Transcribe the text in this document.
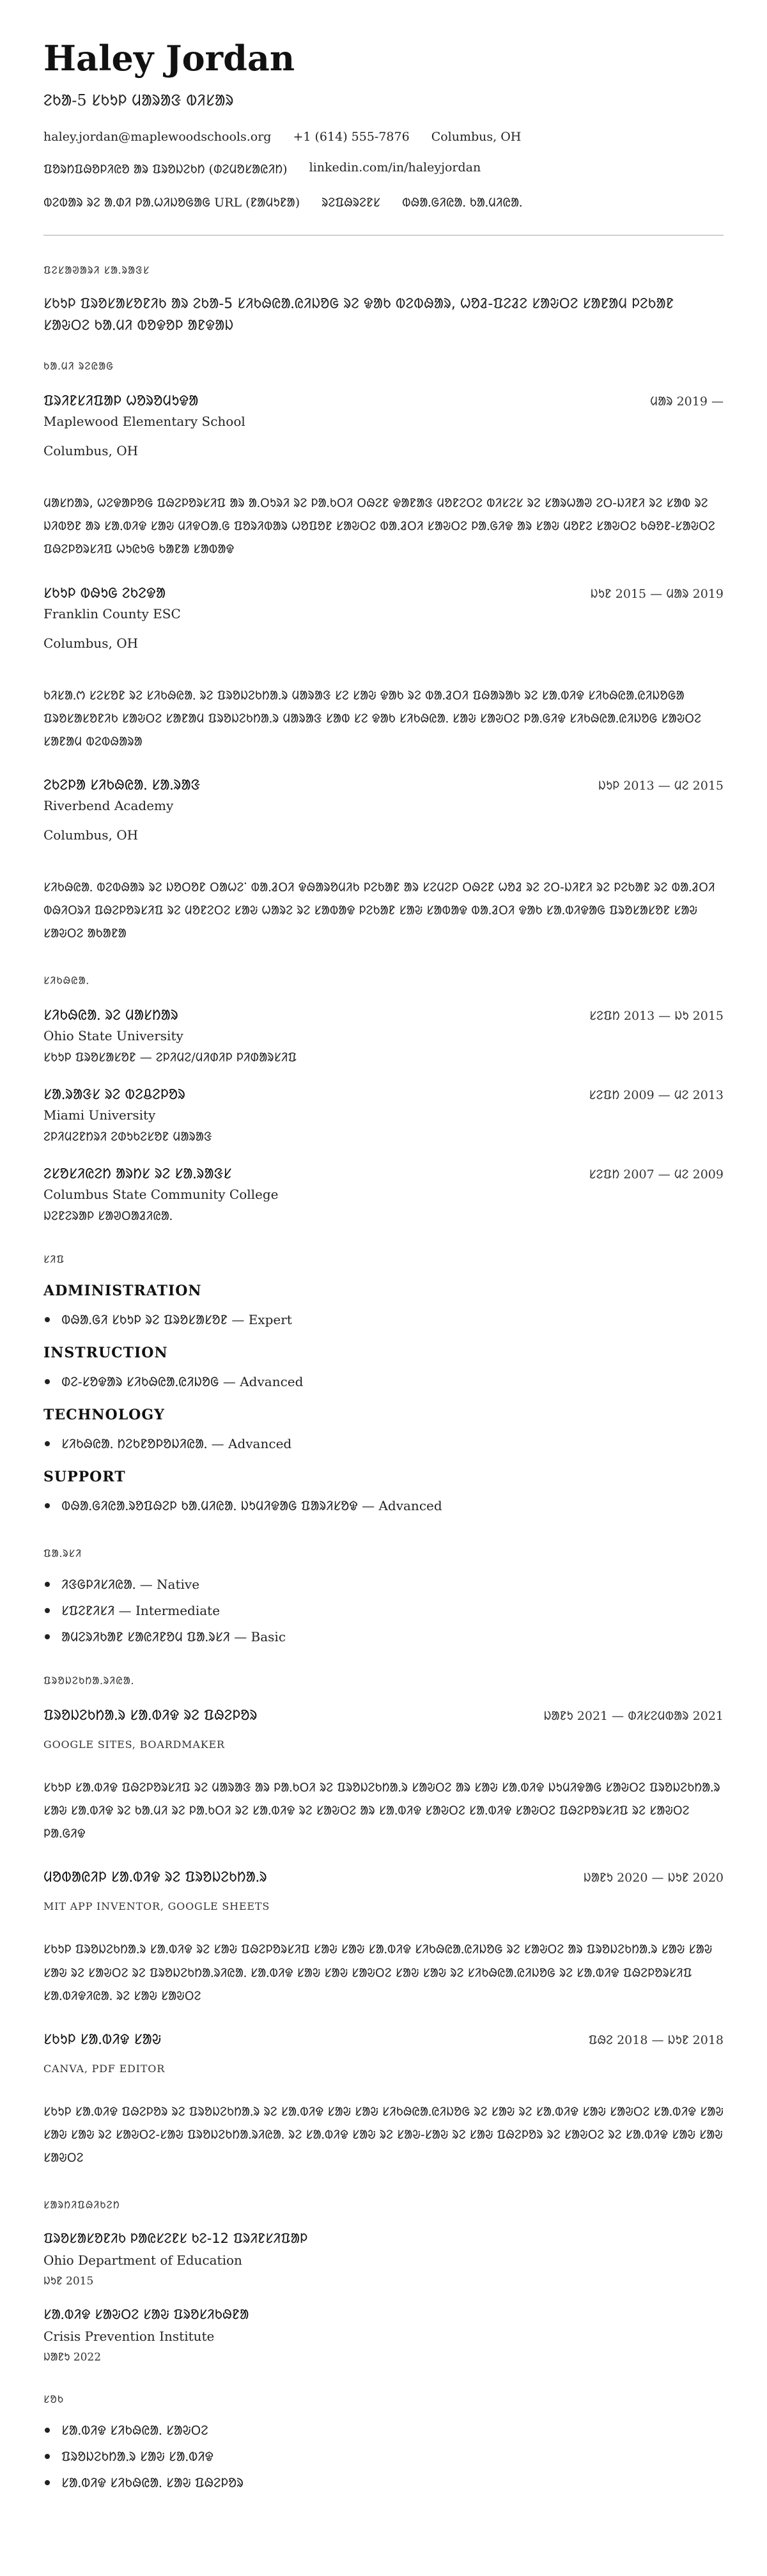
Haley Jordan
ᱮᱠᱟ-5 ᱥᱠᱩᱞ ᱢᱟᱨᱟᱝ ᱵᱤᱥᱟᱨ
haley.jordan@maplewoodschools.org +1 (614) 555-7876 Columbus, OH
ᱯᱚᱨᱴᱯᱷᱚᱞᱤᱭᱚ ᱟᱨ ᱯᱨᱚᱡᱮᱠᱴ (ᱰᱮᱢᱚᱥᱟᱭᱤᱴ) linkedin.com/in/haleyjordan
ᱵᱮᱵᱟᱨ ᱨᱮ ᱟᱹᱰᱤ ᱞᱟᱹᱦᱤᱡᱚᱜᱟᱜ URL (ᱱᱟᱢᱩᱱᱟ) ᱨᱮᱯᱷᱨᱮᱱᱥ ᱵᱷᱟᱹᱜᱤᱭᱟᱹ ᱠᱟᱹᱢᱤᱭᱟᱹ
ᱯᱮᱥᱟᱣᱟᱨᱤ ᱥᱟᱹᱨᱟᱝᱥ
ᱥᱠᱩᱞ ᱯᱨᱚᱥᱟᱥᱚᱱᱤᱠ ᱟᱨ ᱮᱠᱟ-5 ᱥᱤᱠᱷᱭᱟᱹᱭᱤᱡᱚᱜ ᱨᱮ ᱫᱟᱠ ᱵᱮᱵᱷᱟᱨ, ᱦᱚᱲ-ᱯᱮᱲᱮ ᱥᱟᱶᱛᱮ ᱥᱟᱱᱟᱢ ᱞᱮᱠᱟᱱ ᱥᱟᱶᱛᱮ ᱠᱟᱹᱢᱤ ᱵᱚᱫᱚᱞ ᱟᱱᱫᱟᱡ
ᱠᱟᱹᱢᱤ ᱨᱮᱭᱟᱜ
ᱯᱨᱤᱱᱥᱤᱯᱟᱞ ᱦᱚᱨᱚᱢᱩᱫᱟ	ᱢᱟᱨ 2019 —
Maplewood Elementary School
Columbus, OH
ᱢᱟᱥᱴᱟᱨ, ᱦᱮᱫᱟᱞᱚᱜ ᱯᱷᱮᱞᱚᱨᱥᱤᱯ ᱟᱨ ᱟᱹᱛᱩᱨᱤ ᱨᱮ ᱞᱟᱹᱠᱛᱤ ᱛᱷᱮᱱ ᱫᱟᱱᱟᱝ ᱢᱚᱱᱮᱛᱮ ᱵᱤᱥᱮᱥ ᱨᱮ ᱥᱟᱨᱦᱟᱣ ᱮᱛ-ᱡᱤᱱᱤ ᱨᱮ ᱥᱟᱵ ᱨᱮ ᱡᱤᱵᱚᱱ ᱟᱨ ᱥᱟᱹᱵᱤᱫ ᱥᱟᱶ ᱢᱤᱫᱛᱟᱹᱜ ᱯᱚᱨᱤᱵᱟᱨ ᱦᱚᱯᱚᱱ ᱥᱟᱶᱛᱮ ᱵᱟᱹᱲᱛᱤ ᱥᱟᱶᱛᱮ ᱞᱟᱹᱜᱤᱫ ᱟᱨ ᱥᱟᱶ ᱢᱚᱱᱮ ᱥᱟᱶᱛᱮ ᱠᱷᱚᱱ-ᱥᱟᱶᱛᱮ ᱯᱷᱮᱞᱚᱨᱥᱤᱯ ᱦᱩᱭᱩᱜ ᱠᱟᱱᱟ ᱥᱟᱵᱟᱫ
ᱥᱠᱩᱞ ᱵᱷᱩᱜ ᱮᱠᱮᱫᱟ	ᱡᱩᱱ 2015 — ᱢᱟᱨ 2019
Franklin County ESC
Columbus, OH
ᱠᱤᱥᱟᱹᱬ ᱥᱮᱥᱚᱱ ᱨᱮ ᱥᱤᱠᱷᱭᱟᱹ ᱨᱮ ᱯᱨᱚᱡᱮᱠᱴᱟᱹᱨ ᱢᱟᱨᱟᱝ ᱥᱮ ᱥᱟᱶ ᱫᱟᱠ ᱨᱮ ᱵᱟᱹᱲᱛᱤ ᱯᱷᱟᱨᱟᱠ ᱨᱮ ᱥᱟᱹᱵᱤᱫ ᱥᱤᱠᱷᱭᱟᱹᱭᱤᱡᱚᱜᱟ ᱯᱨᱚᱥᱟᱥᱚᱱᱤᱠ ᱥᱟᱶᱛᱮ ᱥᱟᱱᱟᱢ ᱯᱨᱚᱡᱮᱠᱴᱟᱹᱨ ᱢᱟᱨᱟᱝ ᱥᱟᱵ ᱥᱮ ᱫᱟᱠ ᱥᱤᱠᱷᱭᱟᱹ ᱥᱟᱶ ᱥᱟᱶᱛᱮ ᱞᱟᱹᱜᱤᱫ ᱥᱤᱠᱷᱭᱟᱹᱭᱤᱡᱚᱜ ᱥᱟᱶᱛᱮ ᱥᱟᱱᱟᱢ ᱵᱮᱵᱷᱟᱨᱟ
ᱮᱠᱮᱞᱟ ᱥᱤᱠᱷᱭᱟᱹ ᱥᱟᱹᱨᱟᱝ	ᱡᱩᱞ 2013 — ᱢᱮ 2015
Riverbend Academy
Columbus, OH
ᱥᱤᱠᱷᱭᱟᱹ ᱵᱮᱵᱷᱟᱨ ᱨᱮ ᱡᱚᱛᱚᱱ ᱛᱟᱦᱮᱸ ᱵᱟᱹᱲᱛᱤ ᱫᱷᱟᱨᱚᱢᱤᱠ ᱞᱮᱠᱟᱱ ᱟᱨ ᱥᱮᱢᱮᱞ ᱛᱷᱮᱱ ᱦᱚᱲ ᱨᱮ ᱮᱛ-ᱡᱤᱱᱤ ᱨᱮ ᱞᱮᱠᱟᱱ ᱨᱮ ᱵᱟᱹᱲᱛᱤ ᱵᱷᱤᱛᱨᱤ ᱯᱷᱮᱞᱚᱨᱥᱤᱯ ᱨᱮ ᱢᱚᱱᱮᱛᱮ ᱥᱟᱶ ᱦᱟᱨᱮ ᱨᱮ ᱥᱟᱵᱟᱫ ᱞᱮᱠᱟᱱ ᱥᱟᱶ ᱥᱟᱵᱟᱫ ᱵᱟᱹᱲᱛᱤ ᱫᱟᱠ ᱥᱟᱹᱵᱤᱫᱟᱜ ᱯᱨᱚᱥᱟᱥᱚᱱ ᱥᱟᱶ ᱥᱟᱶᱛᱮ ᱟᱠᱟᱱᱟ
ᱥᱤᱠᱷᱭᱟᱹ
ᱥᱤᱠᱷᱭᱟᱹ ᱨᱮ ᱢᱟᱥᱴᱟᱨ	ᱥᱮᱯᱴ 2013 — ᱡᱩ 2015
Ohio State University
ᱥᱠᱩᱞ ᱯᱨᱚᱥᱟᱥᱚᱱ — ᱮᱞᱤᱢᱮ/ᱢᱤᱰᱤᱞ ᱞᱤᱰᱟᱨᱥᱤᱯ
ᱥᱟᱹᱨᱟᱝᱥ ᱨᱮ ᱵᱮᱪᱮᱞᱚᱨ	ᱥᱮᱯᱴ 2009 — ᱢᱮ 2013
Miami University
ᱮᱞᱤᱢᱮᱱᱴᱨᱤ ᱮᱰᱩᱠᱮᱥᱚᱱ ᱢᱟᱨᱟᱝ
ᱮᱥᱚᱥᱤᱭᱮᱴ ᱟᱨᱴᱥ ᱨᱮ ᱥᱟᱹᱨᱟᱝᱥ	ᱥᱮᱯᱴ 2007 — ᱢᱮ 2009
Columbus State Community College
ᱡᱮᱱᱮᱨᱟᱞ ᱥᱟᱣᱛᱟᱲᱤᱭᱟᱹ
ᱥᱤᱯ
ADMINISTRATION
ᱵᱷᱟᱹᱜᱤ ᱥᱠᱩᱞ ᱨᱮ ᱯᱨᱚᱥᱟᱥᱚᱱ — Expert
INSTRUCTION
ᱰᱮ-ᱥᱚᱫᱟᱨ ᱥᱤᱠᱷᱭᱟᱹᱭᱤᱡᱚᱜ — Advanced
TECHNOLOGY
ᱥᱤᱠᱷᱭᱟᱹ ᱴᱮᱠᱱᱚᱞᱚᱡᱤᱭᱟᱹ — Advanced
SUPPORT
ᱵᱷᱟᱹᱜᱤᱭᱟᱹᱨᱚᱯᱷᱮᱞ ᱠᱟᱹᱢᱤᱭᱟᱹ ᱡᱩᱢᱤᱫᱟᱜ ᱯᱟᱨᱤᱥᱚᱫ — Advanced
ᱯᱟᱹᱨᱥᱤ
ᱤᱝᱜᱞᱤᱥᱤᱭᱟᱹ — Native
ᱥᱯᱮᱱᱤᱥᱤ — Intermediate
ᱟᱢᱮᱨᱤᱠᱟᱱ ᱥᱟᱭᱤᱱᱚᱢ ᱯᱟᱹᱨᱥᱤ — Basic
ᱯᱨᱚᱡᱮᱠᱴᱟᱹᱨᱤᱭᱟᱹ
ᱯᱨᱚᱡᱮᱠᱴᱟᱹᱨ ᱥᱟᱹᱵᱤᱫ ᱨᱮ ᱯᱷᱮᱞᱚᱨ	ᱡᱟᱱᱩ 2021 — ᱰᱤᱥᱮᱢᱵᱟᱨ 2021
GOOGLE SITES, BOARDMAKER
ᱥᱠᱩᱞ ᱥᱟᱹᱵᱤᱫ ᱯᱷᱮᱞᱚᱨᱥᱤᱯ ᱨᱮ ᱢᱟᱨᱟᱝ ᱟᱨ ᱞᱟᱹᱠᱛᱤ ᱨᱮ ᱯᱨᱚᱡᱮᱠᱴᱟᱹᱨ ᱥᱟᱶᱛᱮ ᱟᱨ ᱥᱟᱶ ᱥᱟᱹᱵᱤᱫ ᱡᱩᱢᱤᱫᱟᱜ ᱥᱟᱶᱛᱮ ᱯᱨᱚᱡᱮᱠᱴᱟᱹᱨ ᱥᱟᱶ ᱥᱟᱹᱵᱤᱫ ᱨᱮ ᱠᱟᱹᱢᱤ ᱨᱮ ᱞᱟᱹᱠᱛᱤ ᱨᱮ ᱥᱟᱹᱵᱤᱫ ᱨᱮ ᱥᱟᱶᱛᱮ ᱟᱨ ᱥᱟᱹᱵᱤᱫ ᱥᱟᱶᱛᱮ ᱥᱟᱹᱵᱤᱫ ᱥᱟᱶᱛᱮ ᱯᱷᱮᱞᱚᱨᱥᱤᱯ ᱨᱮ ᱥᱟᱶᱛᱮ ᱞᱟᱹᱜᱤᱫ
ᱢᱚᱵᱟᱭᱤᱞ ᱥᱟᱹᱵᱤᱫ ᱨᱮ ᱯᱨᱚᱡᱮᱠᱴᱟᱹᱨ	ᱡᱟᱱᱩ 2020 — ᱡᱩᱱ 2020
MIT APP INVENTOR, GOOGLE SHEETS
ᱥᱠᱩᱞ ᱯᱨᱚᱡᱮᱠᱴᱟᱹᱨ ᱥᱟᱹᱵᱤᱫ ᱨᱮ ᱥᱟᱶ ᱯᱷᱮᱞᱚᱨᱥᱤᱯ ᱥᱟᱶ ᱥᱟᱶ ᱥᱟᱹᱵᱤᱫ ᱥᱤᱠᱷᱭᱟᱹᱭᱤᱡᱚᱜ ᱨᱮ ᱥᱟᱶᱛᱮ ᱟᱨ ᱯᱨᱚᱡᱮᱠᱴᱟᱹᱨ ᱥᱟᱶ ᱥᱟᱶ ᱥᱟᱶ ᱨᱮ ᱥᱟᱶᱛᱮ ᱨᱮ ᱯᱨᱚᱡᱮᱠᱴᱟᱹᱨᱤᱭᱟᱹ ᱥᱟᱹᱵᱤᱫ ᱥᱟᱶ ᱥᱟᱶ ᱥᱟᱶᱛᱮ ᱥᱟᱶ ᱥᱟᱶ ᱨᱮ ᱥᱤᱠᱷᱭᱟᱹᱭᱤᱡᱚᱜ ᱨᱮ ᱥᱟᱹᱵᱤᱫ ᱯᱷᱮᱞᱚᱨᱥᱤᱯ ᱥᱟᱹᱵᱤᱫᱤᱭᱟᱹ ᱨᱮ ᱥᱟᱶ ᱥᱟᱶᱛᱮ
ᱥᱠᱩᱞ ᱥᱟᱹᱵᱤᱫ ᱥᱟᱶ	ᱯᱷᱮ 2018 — ᱡᱩᱱ 2018
CANVA, PDF EDITOR
ᱥᱠᱩᱞ ᱥᱟᱹᱵᱤᱫ ᱯᱷᱮᱞᱚᱨ ᱨᱮ ᱯᱨᱚᱡᱮᱠᱴᱟᱹᱨ ᱨᱮ ᱥᱟᱹᱵᱤᱫ ᱥᱟᱶ ᱥᱟᱶ ᱥᱤᱠᱷᱭᱟᱹᱭᱤᱡᱚᱜ ᱨᱮ ᱥᱟᱶ ᱨᱮ ᱥᱟᱹᱵᱤᱫ ᱥᱟᱶ ᱥᱟᱶᱛᱮ ᱥᱟᱹᱵᱤᱫ ᱥᱟᱶ ᱥᱟᱶ ᱥᱟᱶ ᱨᱮ ᱥᱟᱶᱛᱮ-ᱥᱟᱶ ᱯᱨᱚᱡᱮᱠᱴᱟᱹᱨᱤᱭᱟᱹ ᱨᱮ ᱥᱟᱹᱵᱤᱫ ᱥᱟᱶ ᱨᱮ ᱥᱟᱶ-ᱥᱟᱶ ᱨᱮ ᱥᱟᱶ ᱯᱷᱮᱞᱚᱨ ᱨᱮ ᱥᱟᱶᱛᱮ ᱨᱮ ᱥᱟᱹᱵᱤᱫ ᱥᱟᱶ ᱥᱟᱶ ᱥᱟᱶᱛᱮ
ᱥᱟᱨᱴᱤᱯᱷᱤᱠᱮᱴ
ᱯᱨᱚᱥᱟᱥᱚᱱᱤᱠ ᱞᱟᱭᱥᱮᱱᱥ ᱠᱮ-12 ᱯᱨᱤᱱᱥᱤᱯᱟᱞ
Ohio Department of Education
ᱡᱩᱱ 2015
ᱥᱟᱹᱵᱤᱫ ᱥᱟᱶᱛᱮ ᱥᱟᱶ ᱯᱨᱚᱥᱤᱠᱷᱱᱟ
Crisis Prevention Institute
ᱡᱟᱱᱩ 2022
ᱥᱚᱠ
ᱥᱟᱹᱵᱤᱫ ᱥᱤᱠᱷᱭᱟᱹ ᱥᱟᱶᱛᱮ
ᱯᱨᱚᱡᱮᱠᱴᱟᱹᱨ ᱥᱟᱶ ᱥᱟᱹᱵᱤᱫ
ᱥᱟᱹᱵᱤᱫ ᱥᱤᱠᱷᱭᱟᱹ ᱥᱟᱶ ᱯᱷᱮᱞᱚᱨ
